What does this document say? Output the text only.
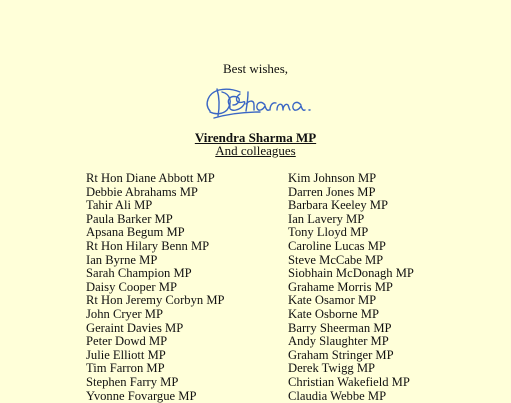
Best wishes,
Virendra Sharma MP
And colleagues
Rt Hon Diane Abbott MP
Debbie Abrahams MP
Tahir Ali MP
Paula Barker MP
Apsana Begum MP
Rt Hon Hilary Benn MP
Ian Byrne MP
Sarah Champion MP
Daisy Cooper MP
Rt Hon Jeremy Corbyn MP
John Cryer MP
Geraint Davies MP
Peter Dowd MP
Julie Elliott MP
Tim Farron MP
Stephen Farry MP
Yvonne Fovargue MP
Kim Johnson MP
Darren Jones MP
Barbara Keeley MP
Ian Lavery MP
Tony Lloyd MP
Caroline Lucas MP
Steve McCabe MP
Siobhain McDonagh MP
Grahame Morris MP
Kate Osamor MP
Kate Osborne MP
Barry Sheerman MP
Andy Slaughter MP
Graham Stringer MP
Derek Twigg MP
Christian Wakefield MP
Claudia Webbe MP
